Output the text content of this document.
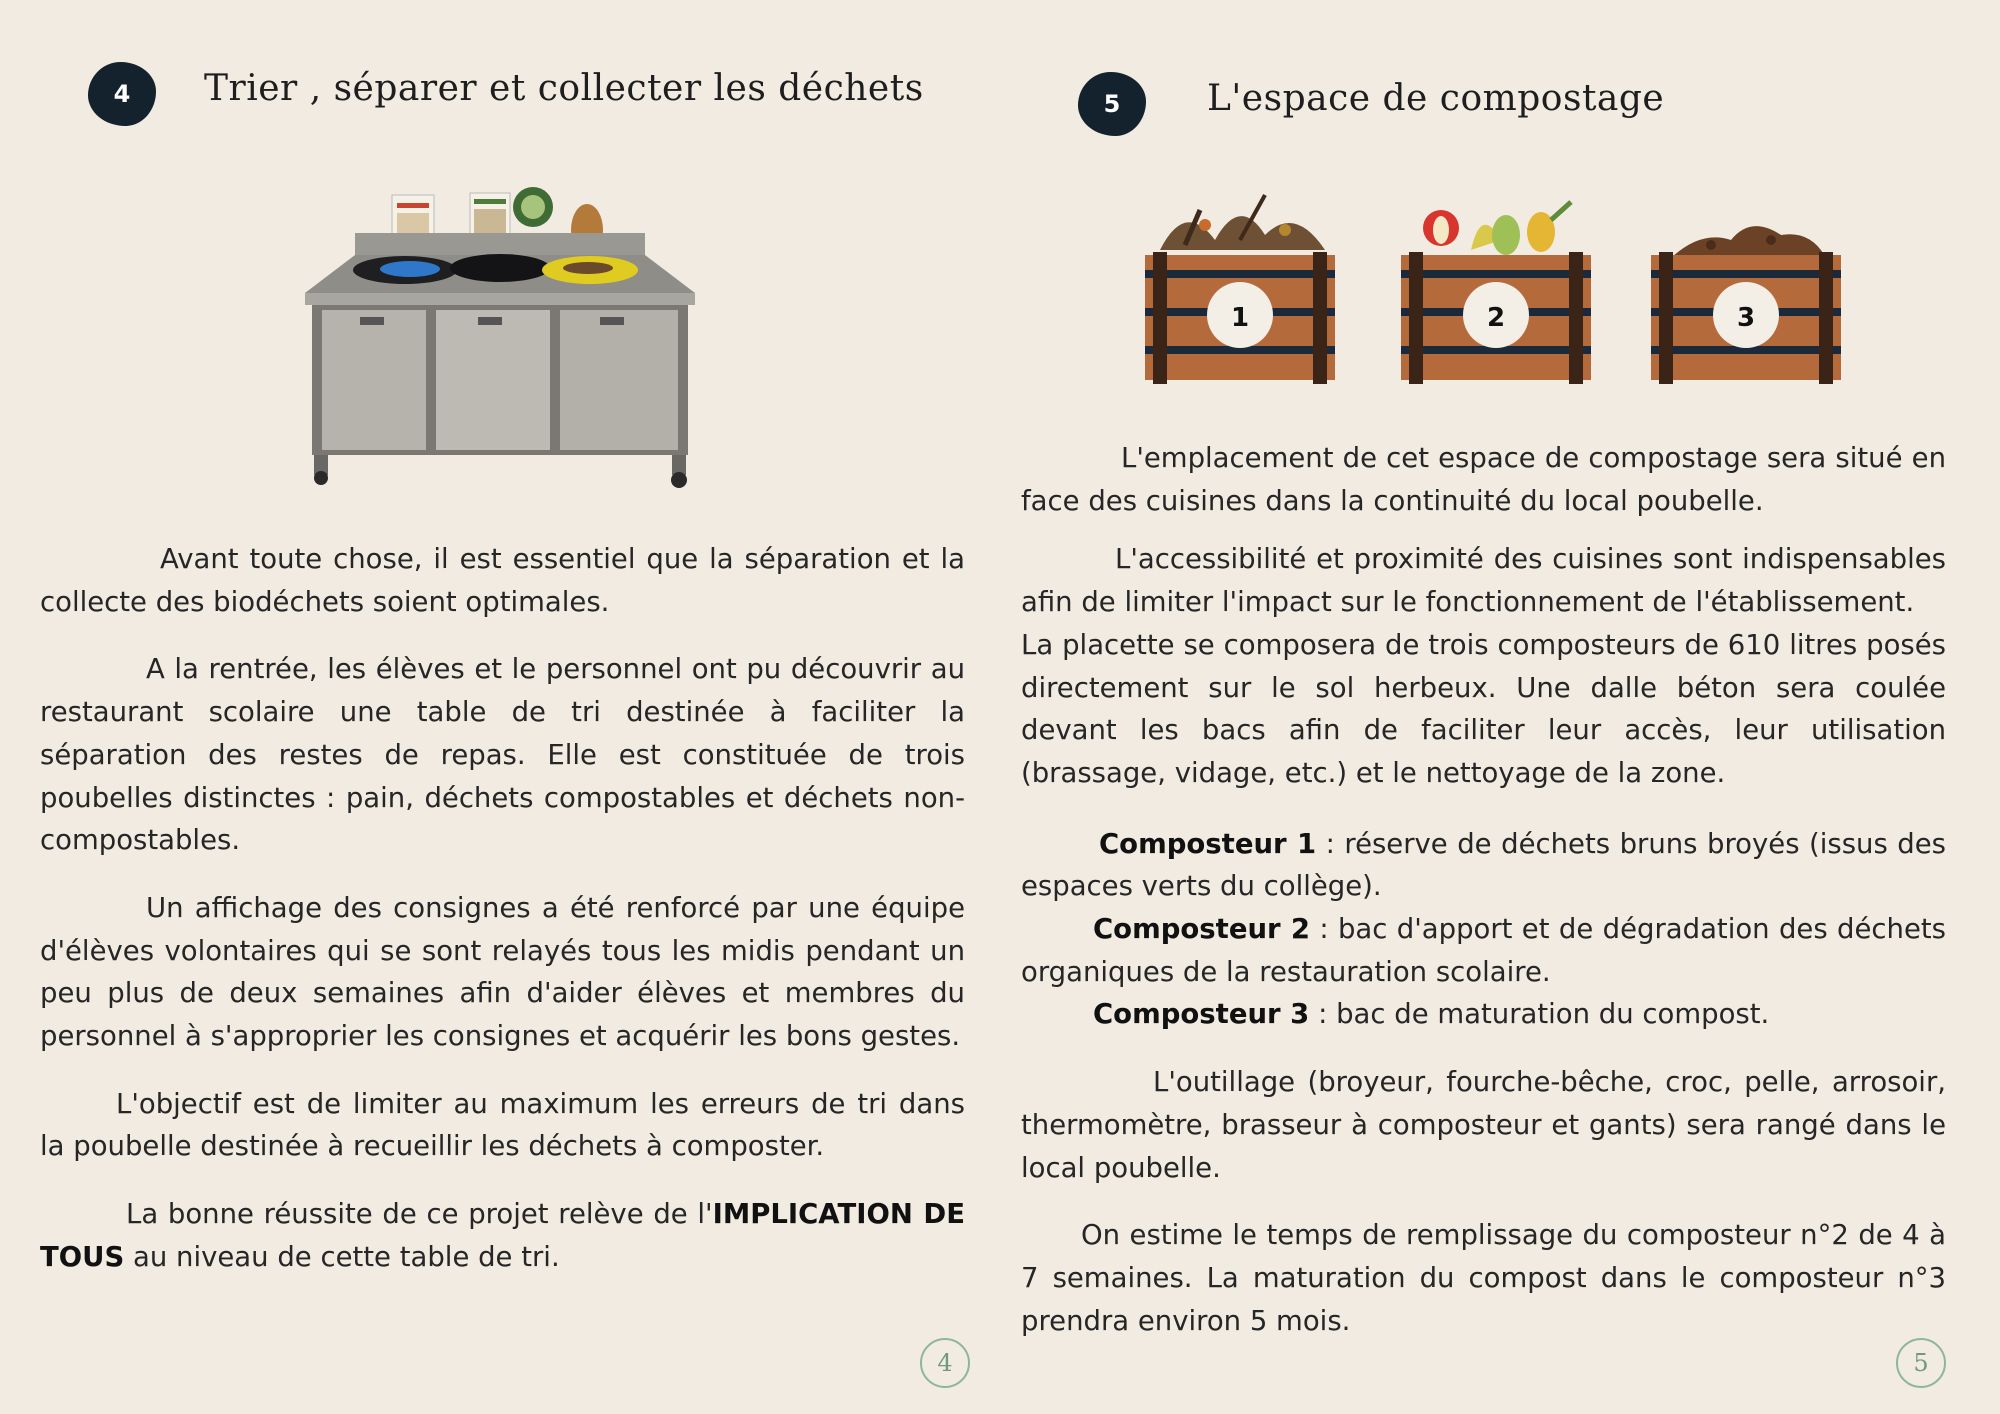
4 Trier , séparer et collecter les déchets

Avant toute chose, il est essentiel que la séparation et la collecte des biodéchets soient optimales.

A la rentrée, les élèves et le personnel ont pu découvrir au restaurant scolaire une table de tri destinée à faciliter la séparation des restes de repas. Elle est constituée de trois poubelles distinctes : pain, déchets compostables et déchets non-compostables.

Un affichage des consignes a été renforcé par une équipe d'élèves volontaires qui se sont relayés tous les midis pendant un peu plus de deux semaines afin d'aider élèves et membres du personnel à s'approprier les consignes et acquérir les bons gestes.

L'objectif est de limiter au maximum les erreurs de tri dans la poubelle destinée à recueillir les déchets à composter.

La bonne réussite de ce projet relève de l'IMPLICATION DE TOUS au niveau de cette table de tri.

4
5 L'espace de compostage
1	2	3

L'emplacement de cet espace de compostage sera situé en face des cuisines dans la continuité du local poubelle.

L'accessibilité et proximité des cuisines sont indispensables afin de limiter l'impact sur le fonctionnement de l'établissement.

La placette se composera de trois composteurs de 610 litres posés directement sur le sol herbeux. Une dalle béton sera coulée devant les bacs afin de faciliter leur accès, leur utilisation (brassage, vidage, etc.) et le nettoyage de la zone.

Composteur 1 : réserve de déchets bruns broyés (issus des espaces verts du collège).

Composteur 2 : bac d'apport et de dégradation des déchets organiques de la restauration scolaire.

Composteur 3 : bac de maturation du compost.

L'outillage (broyeur, fourche-bêche, croc, pelle, arrosoir, thermomètre, brasseur à composteur et gants) sera rangé dans le local poubelle.

On estime le temps de remplissage du composteur n°2 de 4 à 7 semaines. La maturation du compost dans le composteur n°3 prendra environ 5 mois.

5
